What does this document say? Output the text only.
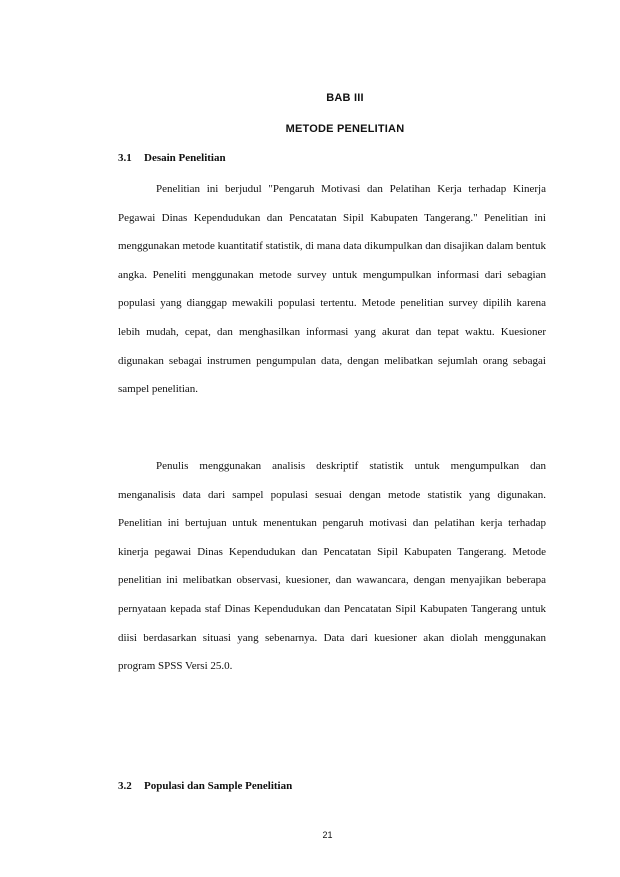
BAB III
METODE PENELITIAN
3.1 Desain Penelitian

Penelitian ini berjudul "Pengaruh Motivasi dan Pelatihan Kerja terhadap Kinerja Pegawai Dinas Kependudukan dan Pencatatan Sipil Kabupaten Tangerang." Penelitian ini menggunakan metode kuantitatif statistik, di mana data dikumpulkan dan disajikan dalam bentuk angka. Peneliti menggunakan metode survey untuk mengumpulkan informasi dari sebagian populasi yang dianggap mewakili populasi tertentu. Metode penelitian survey dipilih karena lebih mudah, cepat, dan menghasilkan informasi yang akurat dan tepat waktu. Kuesioner digunakan sebagai instrumen pengumpulan data, dengan melibatkan sejumlah orang sebagai sampel penelitian.

Penulis menggunakan analisis deskriptif statistik untuk mengumpulkan dan menganalisis data dari sampel populasi sesuai dengan metode statistik yang digunakan. Penelitian ini bertujuan untuk menentukan pengaruh motivasi dan pelatihan kerja terhadap kinerja pegawai Dinas Kependudukan dan Pencatatan Sipil Kabupaten Tangerang. Metode penelitian ini melibatkan observasi, kuesioner, dan wawancara, dengan menyajikan beberapa pernyataan kepada staf Dinas Kependudukan dan Pencatatan Sipil Kabupaten Tangerang untuk diisi berdasarkan situasi yang sebenarnya. Data dari kuesioner akan diolah menggunakan program SPSS Versi 25.0.

3.2 Populasi dan Sample Penelitian
21
